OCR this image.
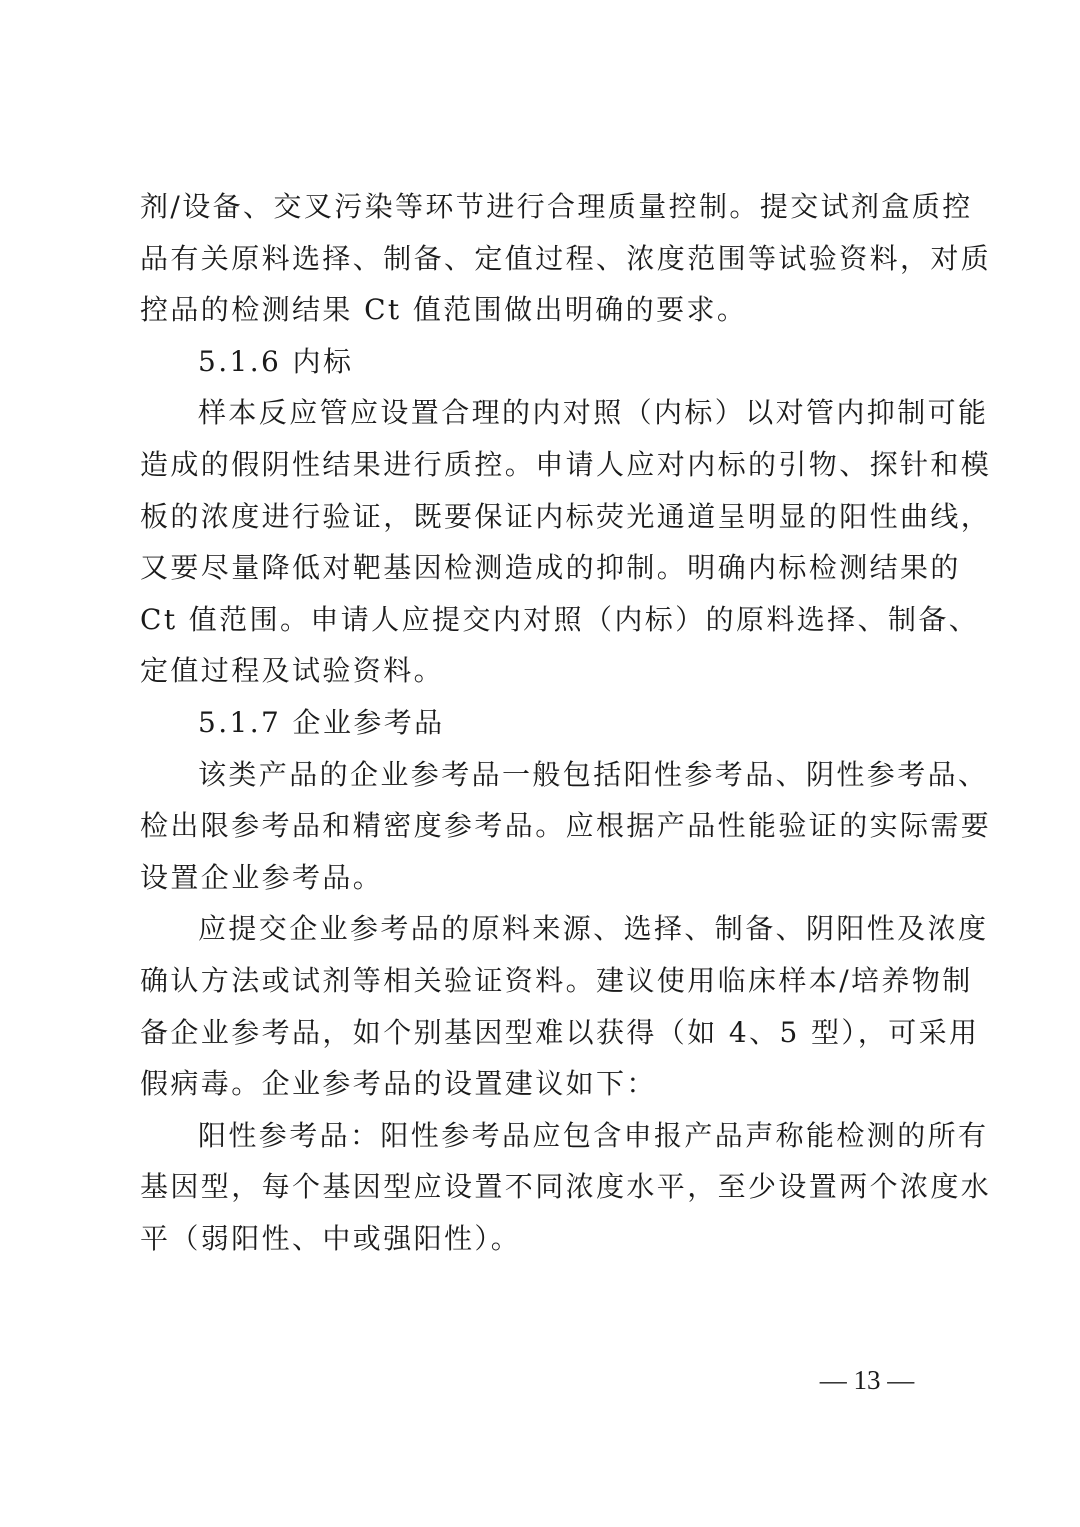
剂/设备、交叉污染等环节进行合理质量控制。提交试剂盒质控
品有关原料选择、制备、定值过程、浓度范围等试验资料，对质
控品的检测结果 Ct 值范围做出明确的要求。
5.1.6 内标
样本反应管应设置合理的内对照（内标）以对管内抑制可能
造成的假阴性结果进行质控。申请人应对内标的引物、探针和模
板的浓度进行验证，既要保证内标荧光通道呈明显的阳性曲线，
又要尽量降低对靶基因检测造成的抑制。明确内标检测结果的
Ct 值范围。申请人应提交内对照（内标）的原料选择、制备、
定值过程及试验资料。
5.1.7 企业参考品
该类产品的企业参考品一般包括阳性参考品、阴性参考品、
检出限参考品和精密度参考品。应根据产品性能验证的实际需要
设置企业参考品。
应提交企业参考品的原料来源、选择、制备、阴阳性及浓度
确认方法或试剂等相关验证资料。建议使用临床样本/培养物制
备企业参考品，如个别基因型难以获得（如 4、5 型），可采用
假病毒。企业参考品的设置建议如下：
阳性参考品：阳性参考品应包含申报产品声称能检测的所有
基因型，每个基因型应设置不同浓度水平，至少设置两个浓度水
平（弱阳性、中或强阳性）。
— 13 —
